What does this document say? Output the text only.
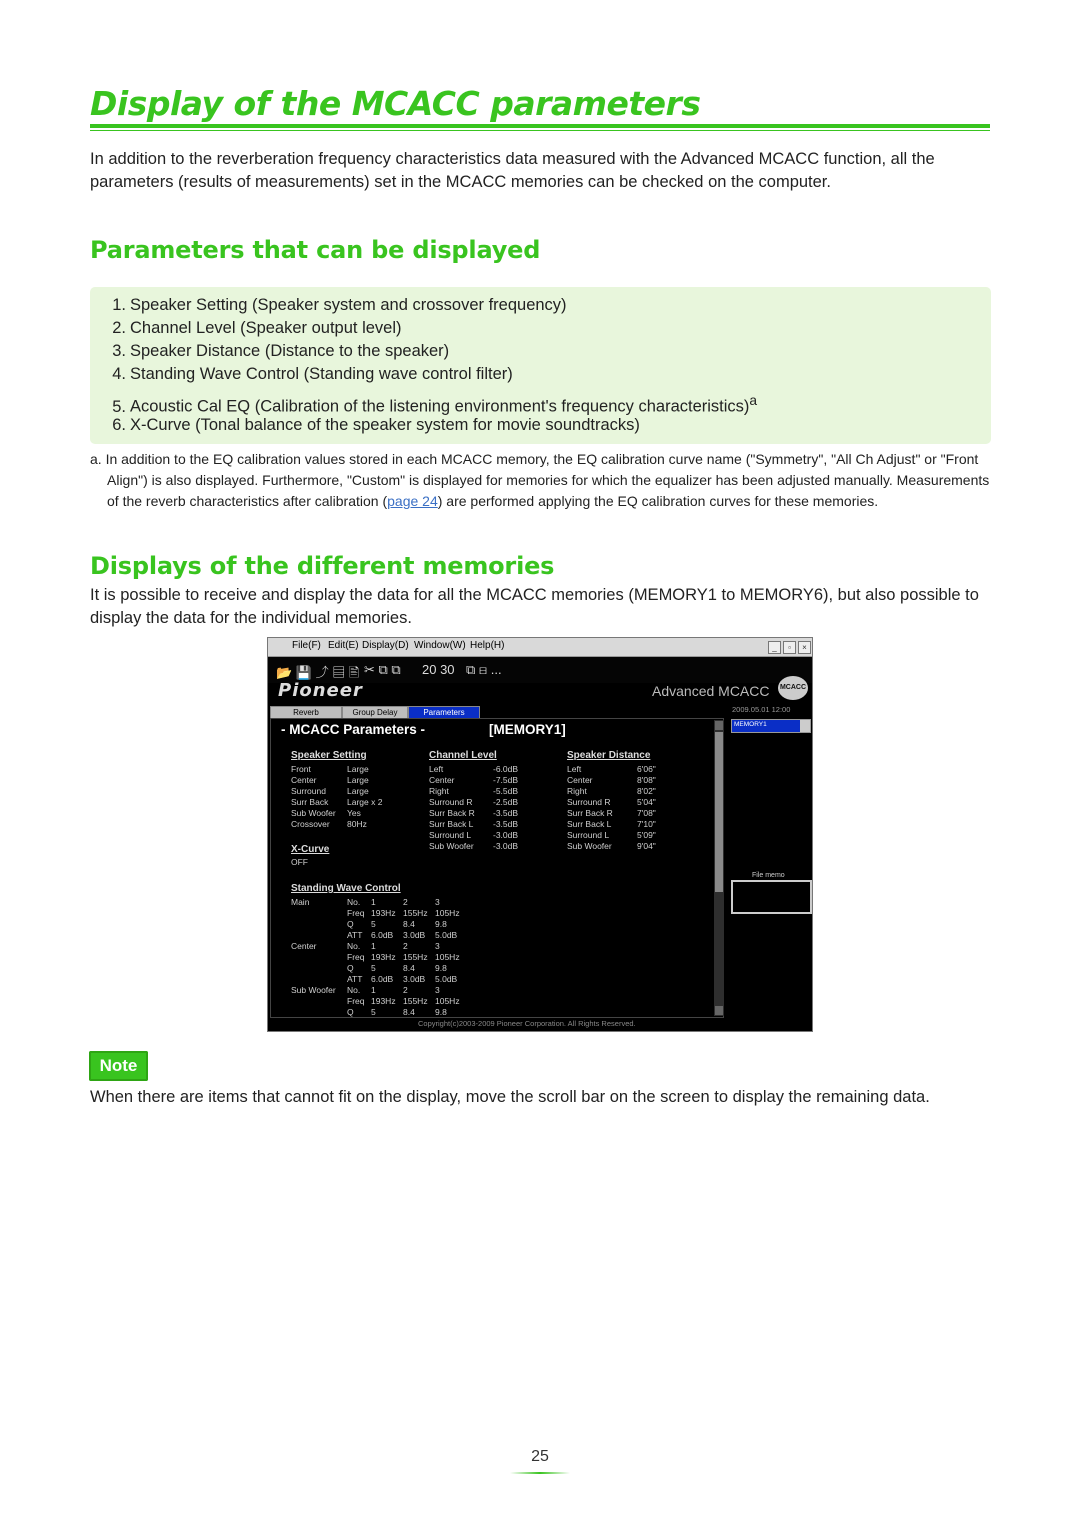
Display of the MCACC parameters
In addition to the reverberation frequency characteristics data measured with the Advanced MCACC function, all the parameters (results of measurements) set in the MCACC memories can be checked on the computer.
Parameters that can be displayed
1. Speaker Setting (Speaker system and crossover frequency)
2. Channel Level (Speaker output level)
3. Speaker Distance (Distance to the speaker)
4. Standing Wave Control (Standing wave control filter)
5. Acoustic Cal EQ (Calibration of the listening environment's frequency characteristics)$^a$
6. X-Curve (Tonal balance of the speaker system for movie soundtracks)
a. In addition to the EQ calibration values stored in each MCACC memory, the EQ calibration curve name ("Symmetry", "All Ch Adjust" or "Front Align") is also displayed. Furthermore, "Custom" is displayed for memories for which the equalizer has been adjusted manually. Measurements of the reverb characteristics after calibration (page 24) are performed applying the EQ calibration curves for these memories.
Displays of the different memories
It is possible to receive and display the data for all the MCACC memories (MEMORY1 to MEMORY6), but also possible to display the data for the individual memories.
File(F) Edit(E) Display(D) Window(W) Help(H)	_	▫	×
📂 💾 ⤴ ▤ 🖹 ✂ ⧉ ⧉ 20 30 ⧉ ⊟ ...
Pioneer	Advanced MCACC MCACC
Reverb	Group Delay	Parameters	2009.05.01 12:00
- MCACC Parameters -	[MEMORY1]
Speaker Setting	Channel Level	Speaker Distance
X-Curve
OFF
Standing Wave Control
Front	Large
Center	Large
Surround Large
Surr Back Large x 2
Sub Woofer Yes
Crossover 80Hz
Left	-6.0dB
Center	-7.5dB
Right	-5.5dB
Surround R -2.5dB
Surr Back R -3.5dB
Surr Back L -3.5dB
Surround L	-3.0dB
Sub Woofer -3.0dB
Left	6'06"
Center	8'08"
Right	8'02"
Surround R	5'04"
Surr Back R	7'08"
Surr Back L	7'10"
Surround L	5'09"
Sub Woofer	9'04"
Main	No. 1	2	3
Freq 193Hz 155Hz 105Hz
Q 5	8.4 9.8
ATT 6.0dB 3.0dB 5.0dB
Center	No. 1	2	3
Freq 193Hz 155Hz 105Hz
Q 5	8.4 9.8
ATT 6.0dB 3.0dB 5.0dB
Sub Woofer No. 1	2	3
Freq 193Hz 155Hz 105Hz
Q 5	8.4 9.8
MEMORY1
File memo
Copyright(c)2003-2009 Pioneer Corporation. All Rights Reserved.
Note
When there are items that cannot fit on the display, move the scroll bar on the screen to display the remaining data.
25
